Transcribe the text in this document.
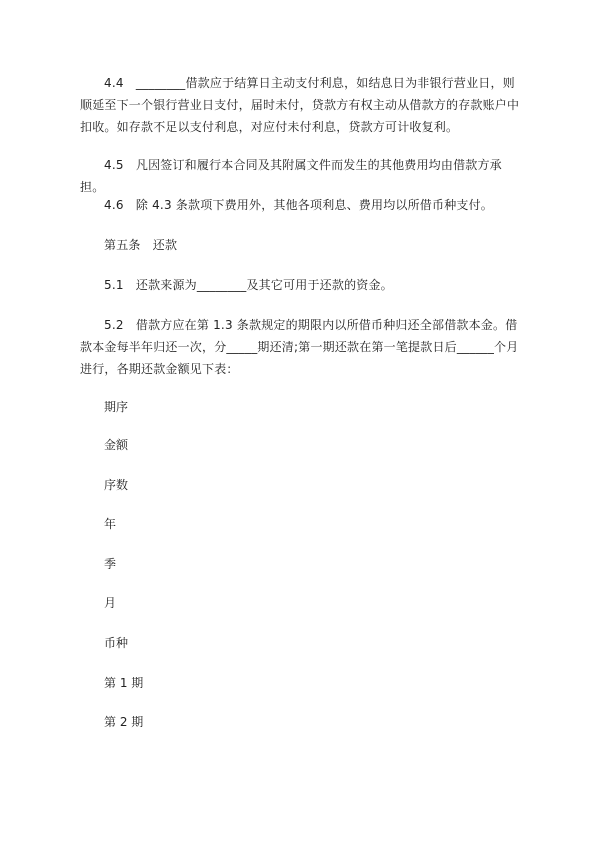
4.4　________借款应于结算日主动支付利息，如结息日为非银行营业日，则顺延至下一个银行营业日支付，届时未付，贷款方有权主动从借款方的存款账户中扣收。如存款不足以支付利息，对应付未付利息，贷款方可计收复利。

4.5　凡因签订和履行本合同及其附属文件而发生的其他费用均由借款方承担。

4.6　除 4.3 条款项下费用外，其他各项利息、费用均以所借币种支付。

第五条　还款

5.1　还款来源为________及其它可用于还款的资金。

5.2　借款方应在第 1.3 条款规定的期限内以所借币种归还全部借款本金。借款本金每半年归还一次，分_____期还清;第一期还款在第一笔提款日后______个月进行，各期还款金额见下表：

期序

金额

序数

年

季

月

币种

第 1 期

第 2 期
